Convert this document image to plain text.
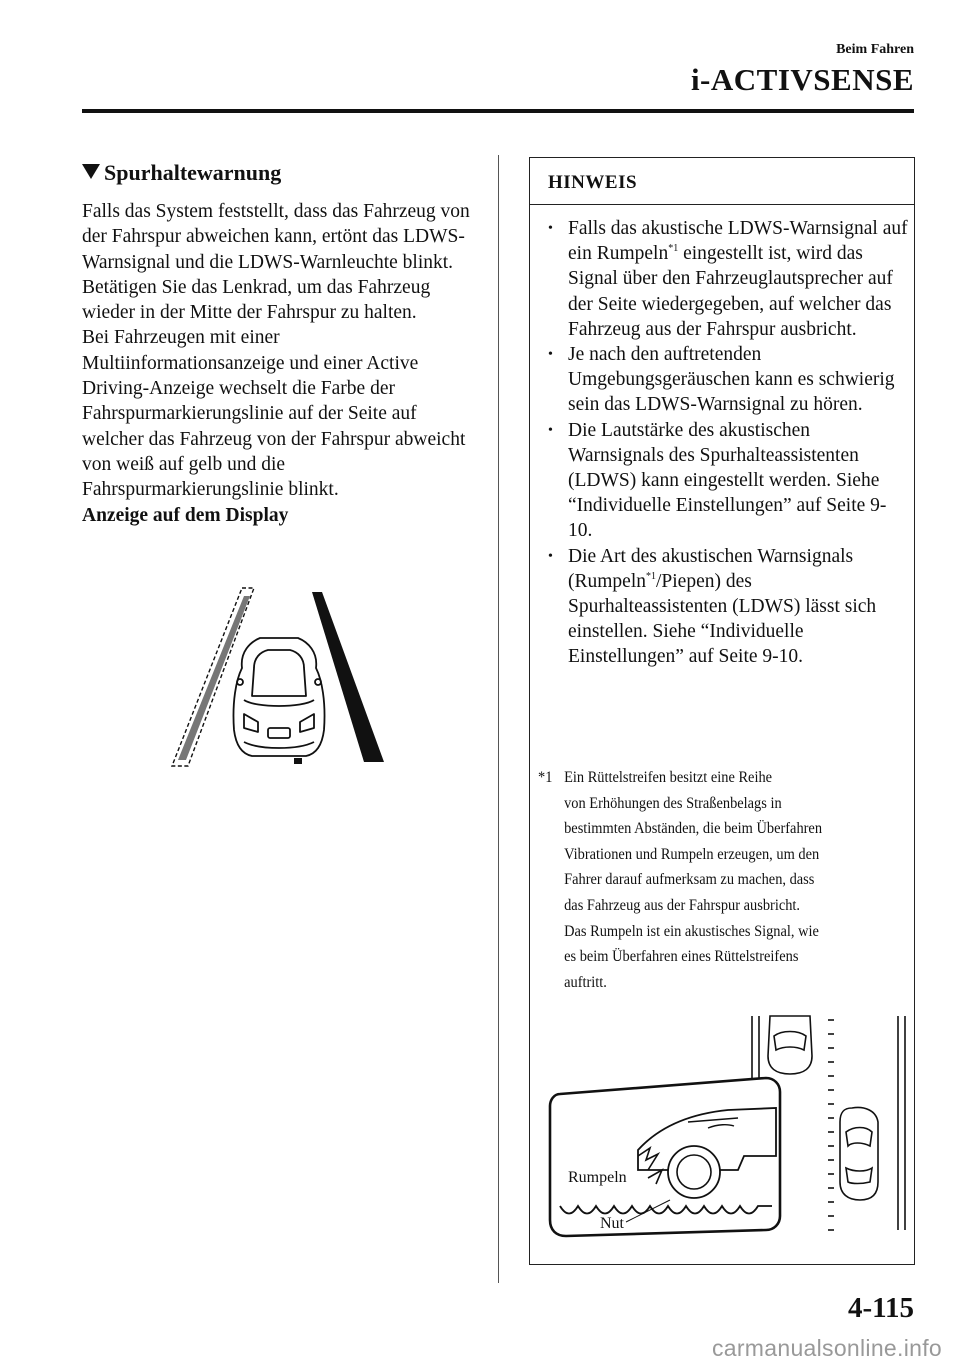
Beim Fahren
i-ACTIVSENSE
Spurhaltewarnung

Falls das System feststellt, dass das Fahrzeug von der Fahrspur abweichen kann, ertönt das LDWS-Warnsignal und die LDWS-Warnleuchte blinkt. Betätigen Sie das Lenkrad, um das Fahrzeug wieder in der Mitte der Fahrspur zu halten.

Bei Fahrzeugen mit einer Multiinformationsanzeige und einer Active Driving-Anzeige wechselt die Farbe der Fahrspurmarkierungslinie auf der Seite auf welcher das Fahrzeug von der Fahrspur abweicht von weiß auf gelb und die Fahrspurmarkierungslinie blinkt.

Anzeige auf dem Display

HINWEIS
• Falls das akustische LDWS-Warnsignal auf ein Rumpeln$^{*1}$ eingestellt ist, wird das Signal über den Fahrzeuglautsprecher auf der Seite wiedergegeben, auf welcher das Fahrzeug aus der Fahrspur ausbricht.
• Je nach den auftretenden Umgebungsgeräuschen kann es schwierig sein das LDWS-Warnsignal zu hören.
• Die Lautstärke des akustischen Warnsignals des Spurhalteassistenten (LDWS) kann eingestellt werden. Siehe “Individuelle Einstellungen” auf Seite 9-10.
• Die Art des akustischen Warnsignals (Rumpeln$^{*1}$/Piepen) des Spurhalteassistenten (LDWS) lässt sich einstellen. Siehe “Individuelle Einstellungen” auf Seite 9-10.
*1 Ein Rüttelstreifen besitzt eine Reihe
von Erhöhungen des Straßenbelags in
bestimmten Abständen, die beim Überfahren
Vibrationen und Rumpeln erzeugen, um den
Fahrer darauf aufmerksam zu machen, dass
das Fahrzeug aus der Fahrspur ausbricht.
Das Rumpeln ist ein akustisches Signal, wie
es beim Überfahren eines Rüttelstreifens
auftritt.
Rumpeln
Nut
4-115
carmanualsonline.info
